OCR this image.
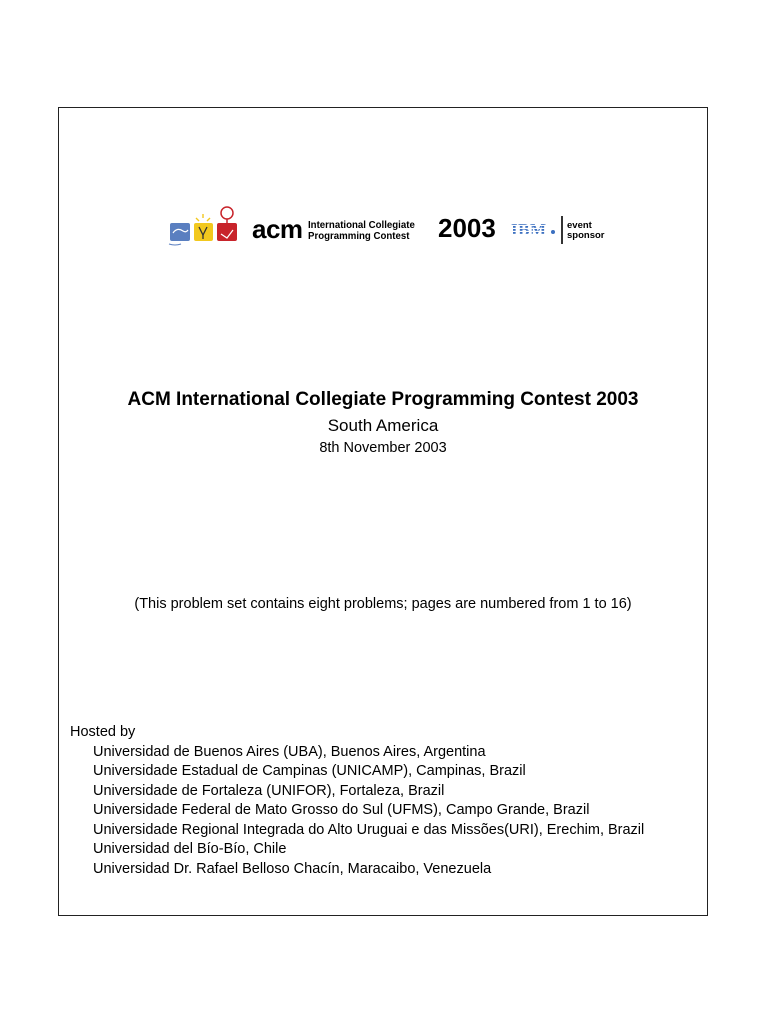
acm International Collegiate
Programming Contest 2003 IBM event
sponsor
ACM International Collegiate Programming Contest 2003
South America
8th November 2003
(This problem set contains eight problems; pages are numbered from 1 to 16)
Hosted by
Universidad de Buenos Aires (UBA), Buenos Aires, Argentina
Universidade Estadual de Campinas (UNICAMP), Campinas, Brazil
Universidade de Fortaleza (UNIFOR), Fortaleza, Brazil
Universidade Federal de Mato Grosso do Sul (UFMS), Campo Grande, Brazil
Universidade Regional Integrada do Alto Uruguai e das Missões(URI), Erechim, Brazil
Universidad del Bío-Bío, Chile
Universidad Dr. Rafael Belloso Chacín, Maracaibo, Venezuela
